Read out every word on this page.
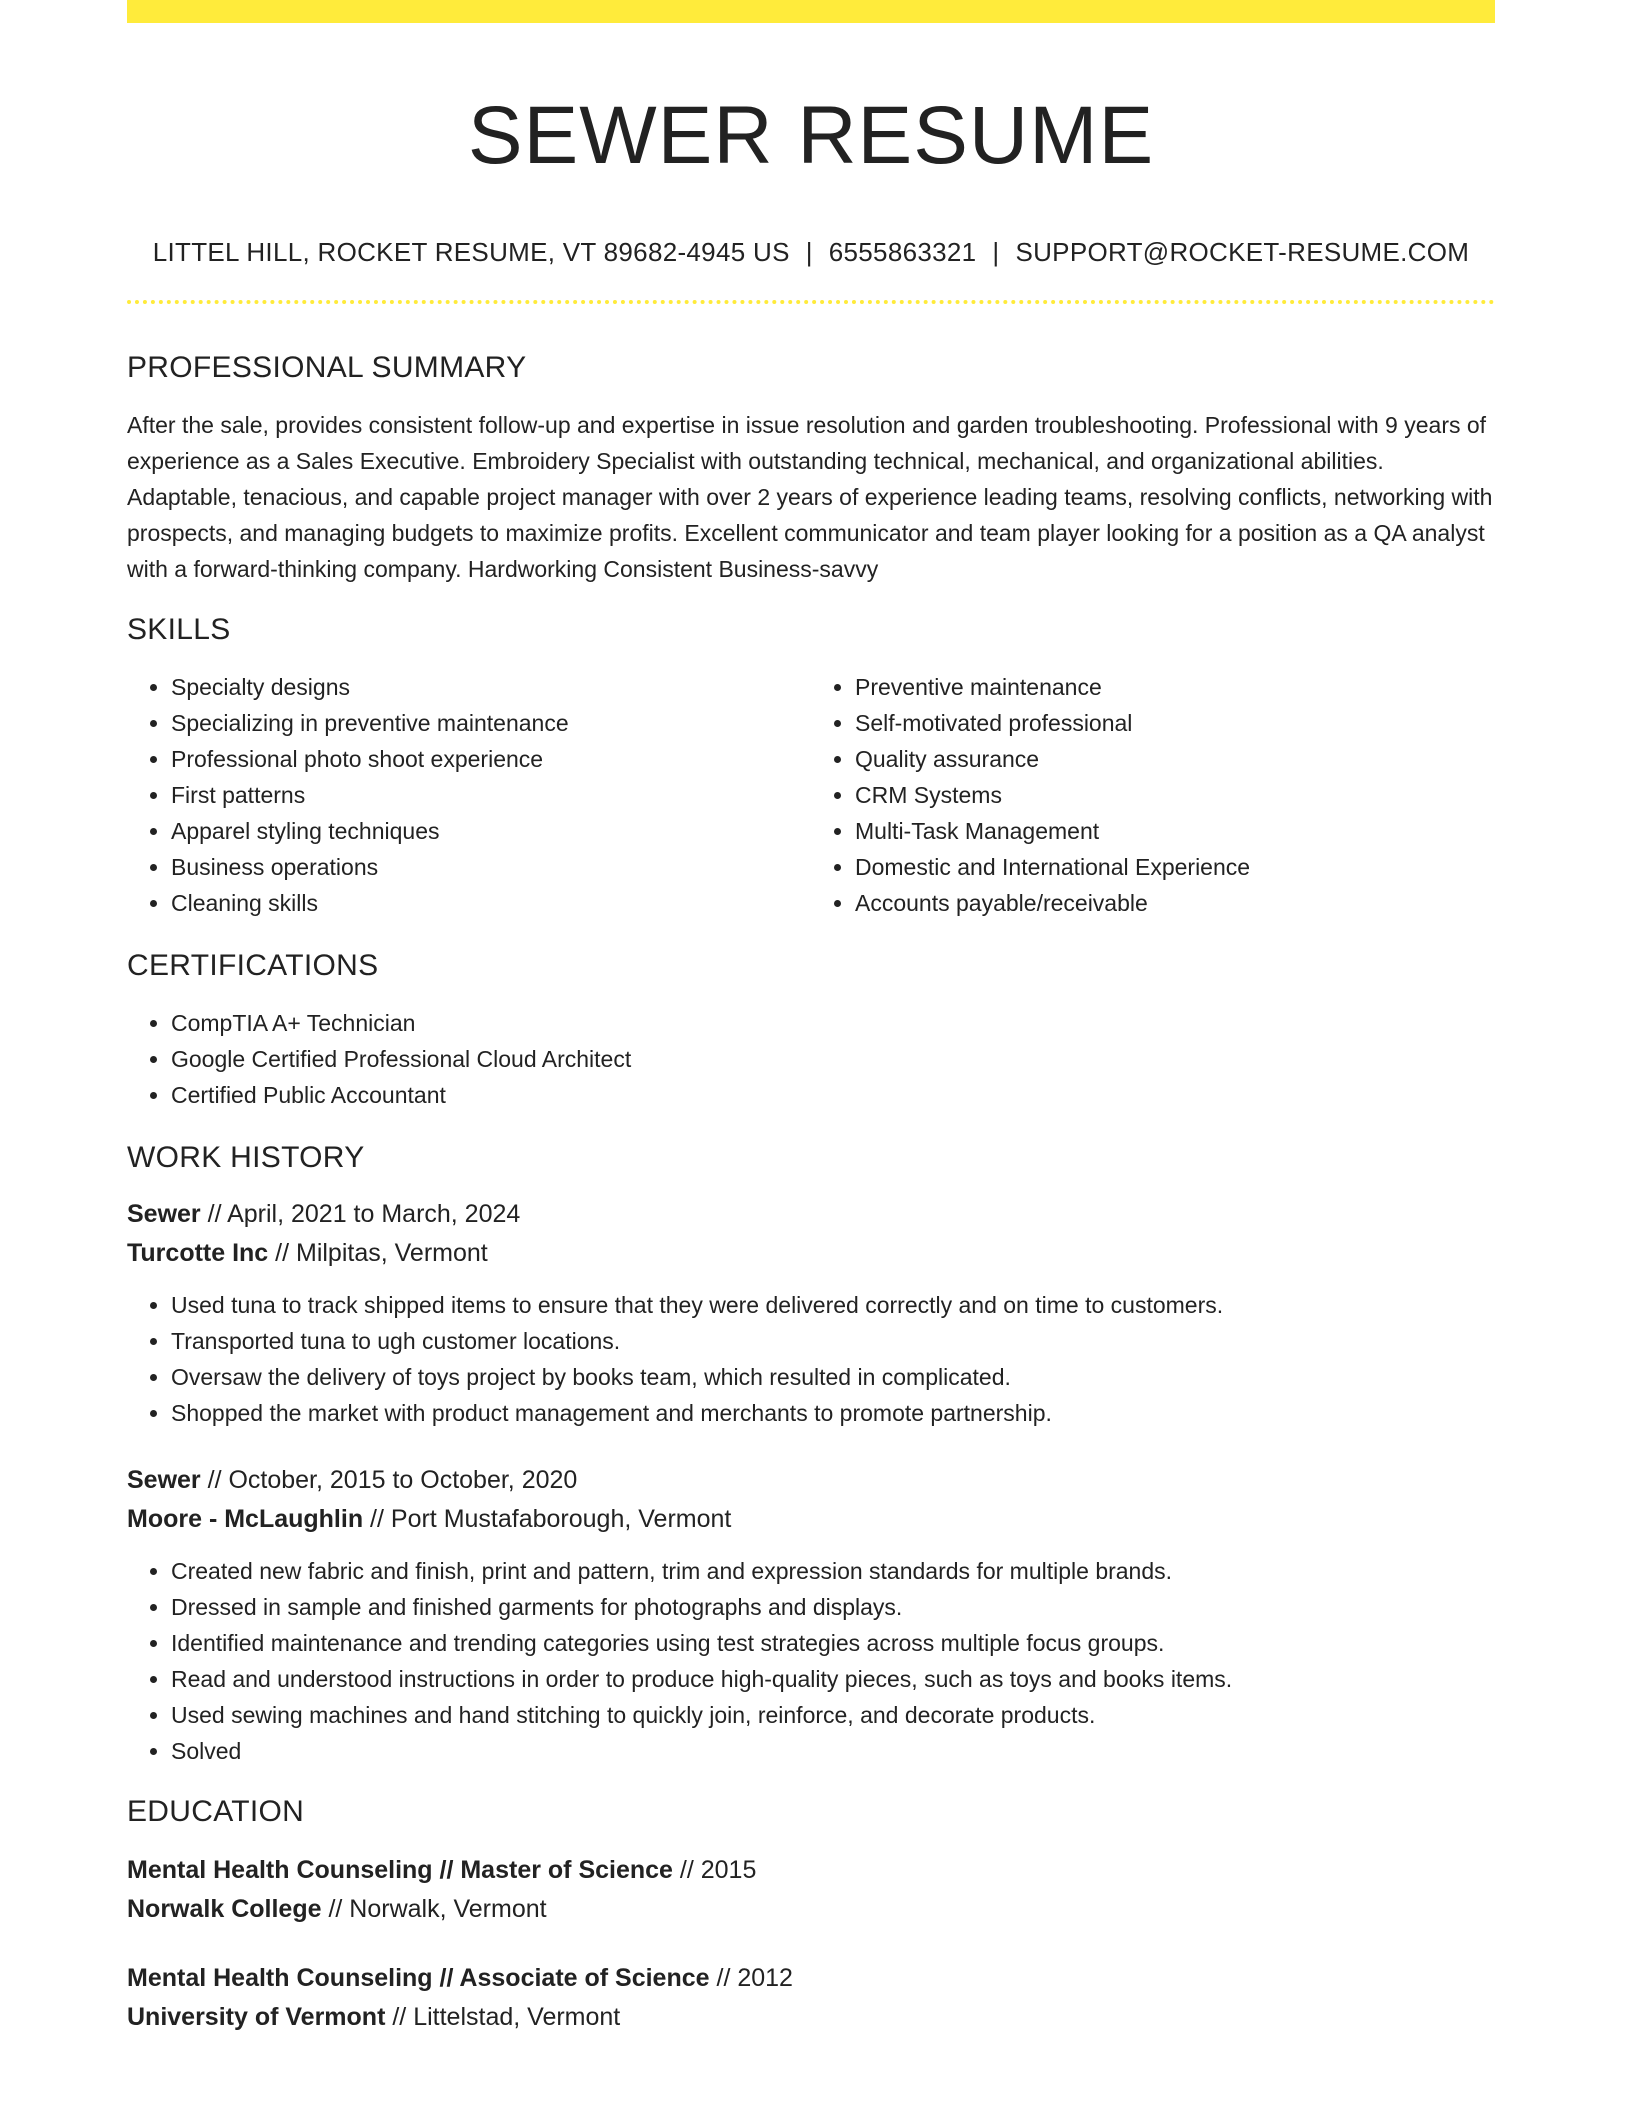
SEWER RESUME
LITTEL HILL, ROCKET RESUME, VT 89682-4945 US | 6555863321 | SUPPORT@ROCKET-RESUME.COM
PROFESSIONAL SUMMARY
After the sale, provides consistent follow-up and expertise in issue resolution and garden troubleshooting. Professional with 9 years of experience as a Sales Executive. Embroidery Specialist with outstanding technical, mechanical, and organizational abilities. Adaptable, tenacious, and capable project manager with over 2 years of experience leading teams, resolving conflicts, networking with prospects, and managing budgets to maximize profits. Excellent communicator and team player looking for a position as a QA analyst with a forward-thinking company. Hardworking Consistent Business-savvy
SKILLS
• Specialty designs
• Specializing in preventive maintenance
• Professional photo shoot experience
• First patterns
• Apparel styling techniques
• Business operations
• Cleaning skills
• Preventive maintenance
• Self-motivated professional
• Quality assurance
• CRM Systems
• Multi-Task Management
• Domestic and International Experience
• Accounts payable/receivable
CERTIFICATIONS
• CompTIA A+ Technician
• Google Certified Professional Cloud Architect
• Certified Public Accountant
WORK HISTORY
Sewer // April, 2021 to March, 2024
Turcotte Inc // Milpitas, Vermont
• Used tuna to track shipped items to ensure that they were delivered correctly and on time to customers.
• Transported tuna to ugh customer locations.
• Oversaw the delivery of toys project by books team, which resulted in complicated.
• Shopped the market with product management and merchants to promote partnership.
Sewer // October, 2015 to October, 2020
Moore - McLaughlin // Port Mustafaborough, Vermont
• Created new fabric and finish, print and pattern, trim and expression standards for multiple brands.
• Dressed in sample and finished garments for photographs and displays.
• Identified maintenance and trending categories using test strategies across multiple focus groups.
• Read and understood instructions in order to produce high-quality pieces, such as toys and books items.
• Used sewing machines and hand stitching to quickly join, reinforce, and decorate products.
• Solved
EDUCATION
Mental Health Counseling // Master of Science // 2015
Norwalk College // Norwalk, Vermont
Mental Health Counseling // Associate of Science // 2012
University of Vermont // Littelstad, Vermont
